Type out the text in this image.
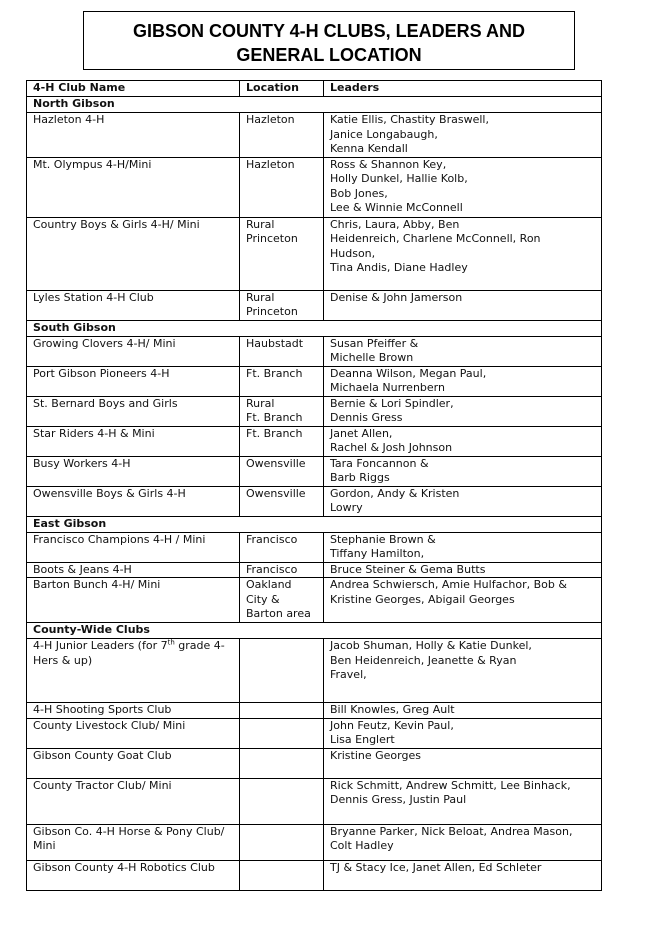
GIBSON COUNTY 4-H CLUBS, LEADERS AND
GENERAL LOCATION
4-H Club Name	Location	Leaders
North Gibson		
Hazleton 4-H	Hazleton	Katie Ellis, Chastity Braswell,
Janice Longabaugh,
Kenna Kendall
Mt. Olympus 4-H/Mini	Hazleton	Ross & Shannon Key,
Holly Dunkel, Hallie Kolb,
Bob Jones,
Lee & Winnie McConnell
Country Boys & Girls 4-H/ Mini	Rural
Princeton	Chris, Laura, Abby, Ben
Heidenreich, Charlene McConnell, Ron
Hudson,
Tina Andis, Diane Hadley
Lyles Station 4-H Club	Rural
Princeton	Denise & John Jamerson
South Gibson		
Growing Clovers 4-H/ Mini	Haubstadt	Susan Pfeiffer &
Michelle Brown
Port Gibson Pioneers 4-H	Ft. Branch	Deanna Wilson, Megan Paul,
Michaela Nurrenbern
St. Bernard Boys and Girls	Rural
Ft. Branch	Bernie & Lori Spindler,
Dennis Gress
Star Riders 4-H & Mini	Ft. Branch	Janet Allen,
Rachel & Josh Johnson
Busy Workers 4-H	Owensville	Tara Foncannon &
Barb Riggs
Owensville Boys & Girls 4-H	Owensville	Gordon, Andy & Kristen
Lowry
East Gibson		
Francisco Champions 4-H / Mini	Francisco	Stephanie Brown &
Tiffany Hamilton,
Boots & Jeans 4-H	Francisco	Bruce Steiner & Gema Butts
Barton Bunch 4-H/ Mini	Oakland
City &
Barton area	Andrea Schwiersch, Amie Hulfachor, Bob &
Kristine Georges, Abigail Georges
County-Wide Clubs		
4-H Junior Leaders (for 7th grade 4-Hers & up)		Jacob Shuman, Holly & Katie Dunkel,
Ben Heidenreich, Jeanette & Ryan
Fravel,
4-H Shooting Sports Club		Bill Knowles, Greg Ault
County Livestock Club/ Mini		John Feutz, Kevin Paul,
Lisa Englert
Gibson County Goat Club		Kristine Georges
County Tractor Club/ Mini		Rick Schmitt, Andrew Schmitt, Lee Binhack,
Dennis Gress, Justin Paul
Gibson Co. 4-H Horse & Pony Club/ Mini		Bryanne Parker, Nick Beloat, Andrea Mason,
Colt Hadley
Gibson County 4-H Robotics Club		TJ & Stacy Ice, Janet Allen, Ed Schleter
